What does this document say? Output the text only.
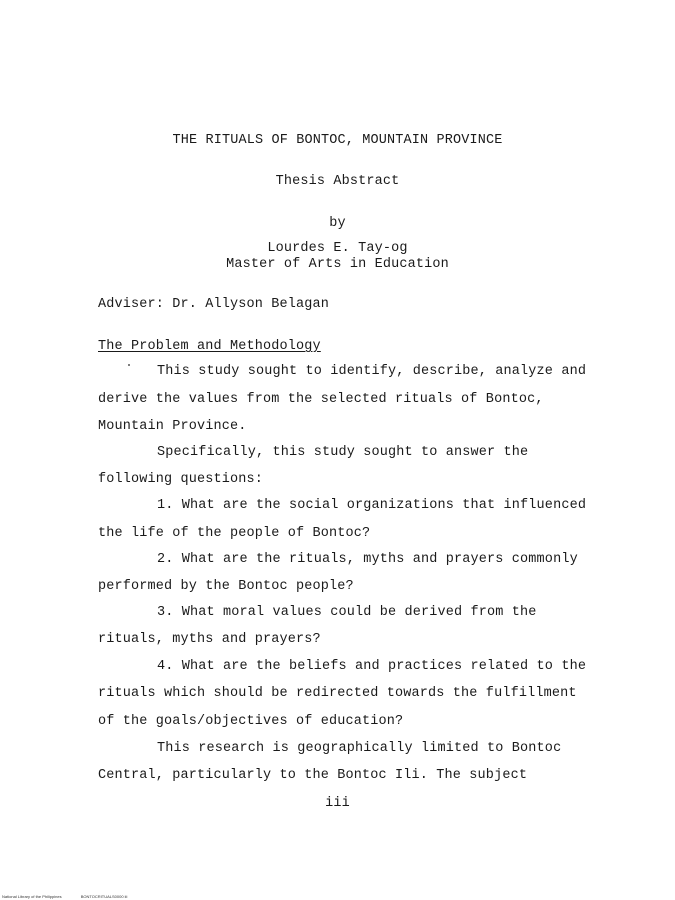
THE RITUALS OF BONTOC, MOUNTAIN PROVINCE
Thesis Abstract
by
Lourdes E. Tay-og
Master of Arts in Education
Adviser: Dr. Allyson Belagan
The Problem and Methodology
This study sought to identify, describe, analyze and
derive the values from the selected rituals of Bontoc,
Mountain Province.
Specifically, this study sought to answer the
following questions:
1. What are the social organizations that influenced
the life of the people of Bontoc?
2. What are the rituals, myths and prayers commonly
performed by the Bontoc people?
3. What moral values could be derived from the
rituals, myths and prayers?
4. What are the beliefs and practices related to the
rituals which should be redirected towards the fulfillment
of the goals/objectives of education?
This research is geographically limited to Bontoc
Central, particularly to the Bontoc Ili. The subject
iii
National Library of the Philippines	BONTOCRITUALS0000 iii
